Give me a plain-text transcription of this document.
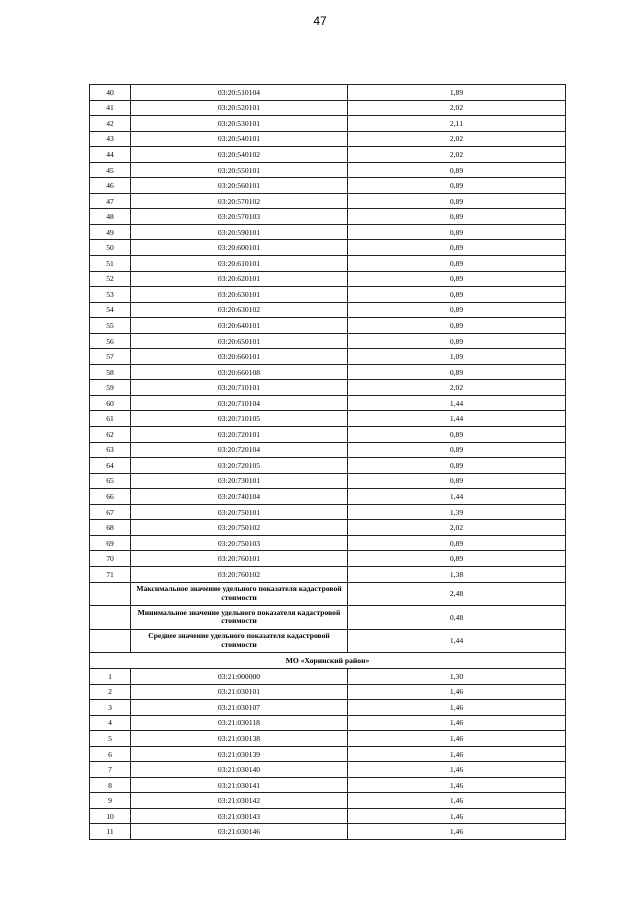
47
40	03:20:510104	1,89
41	03:20:520101	2,02
42	03:20:530101	2,11
43	03:20:540101	2,02
44	03:20:540102	2,02
45	03:20:550101	0,89
46	03:20:560101	0,89
47	03:20:570102	0,89
48	03:20:570103	0,89
49	03:20:590101	0,89
50	03:20:600101	0,89
51	03:20:610101	0,89
52	03:20:620101	0,89
53	03:20:630101	0,89
54	03:20:630102	0,89
55	03:20:640101	0,89
56	03:20:650101	0,89
57	03:20:660101	1,09
58	03:20:660108	0,89
59	03:20:710101	2,02
60	03:20:710104	1,44
61	03:20:710105	1,44
62	03:20:720101	0,89
63	03:20:720104	0,89
64	03:20:720105	0,89
65	03:20:730101	0,89
66	03:20:740104	1,44
67	03:20:750101	1,39
68	03:20:750102	2,02
69	03:20:750103	0,89
70	03:20:760101	0,89
71	03:20:760102	1,38
	Максимальное значение удельного показателя кадастровой стоимости	2,48
	Минимальное значение удельного показателя кадастровой стоимости	0,48
	Среднее значение удельного показателя кадастровой стоимости	1,44
МО «Хоринский район»		
1	03:21:000000	1,30
2	03:21:030101	1,46
3	03:21:030107	1,46
4	03:21:030118	1,46
5	03:21:030138	1,46
6	03:21:030139	1,46
7	03:21:030140	1,46
8	03:21:030141	1,46
9	03:21:030142	1,46
10	03:21:030143	1,46
11	03:21:030146	1,46
